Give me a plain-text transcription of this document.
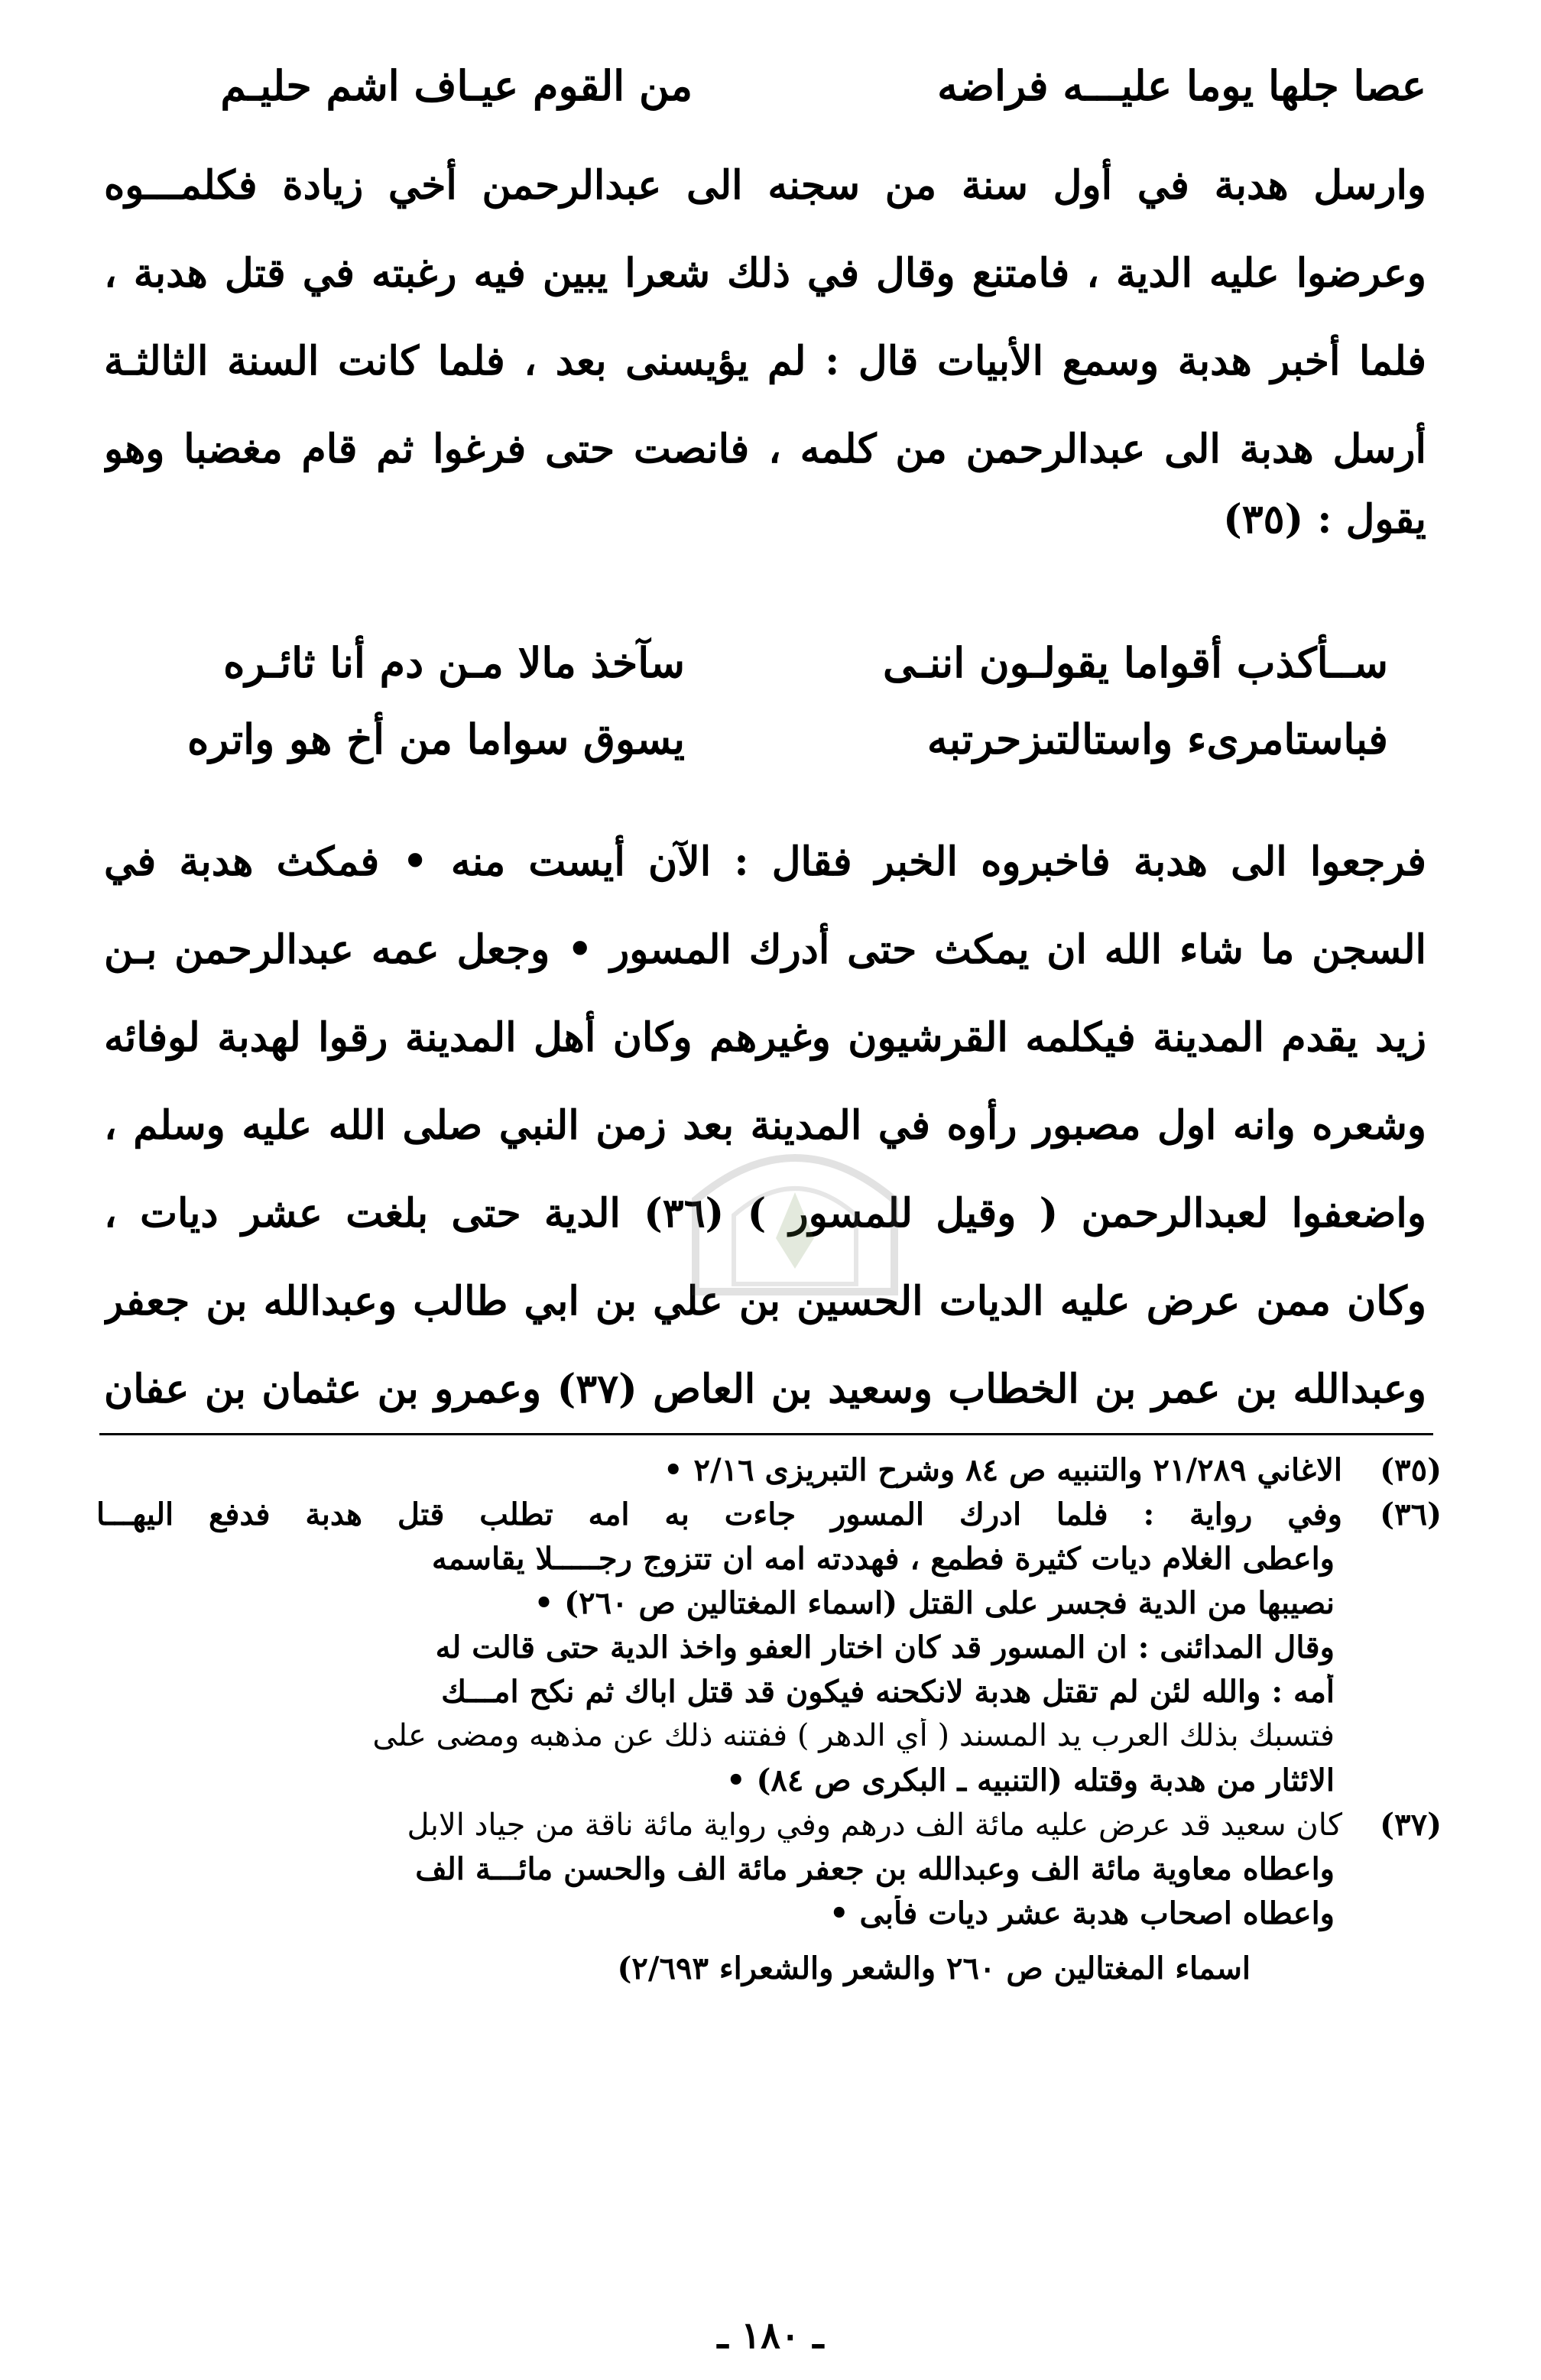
عصا جلها يوما عليـــه فراضه
من القوم عيـاف اشم حليـم
وارسل هدبة في أول سنة من سجنه الى عبدالرحمن أخي زيادة فكلمـــوه
وعرضوا عليه الدية ، فامتنع وقال في ذلك شعرا يبين فيه رغبته في قتل هدبة ،
فلما أخبر هدبة وسمع الأبيات قال : لم يؤيسنى بعد ، فلما كانت السنة الثالثـة
أرسل هدبة الى عبدالرحمن من كلمه ، فانصت حتى فرغوا ثم قام مغضبا وهو
يقول : (٣٥)
ســأكذب أقواما يقولـون اننـى
سآخذ مالا مـن دم أنا ثائـره
فباستامرىء واستالتىزحرتبه
يسوق سواما من أخ هو واتره
فرجعوا الى هدبة فاخبروه الخبر فقال : الآن أيست منه • فمكث هدبة في
السجن ما شاء الله ان يمكث حتى أدرك المسور • وجعل عمه عبدالرحمن بـن
زيد يقدم المدينة فيكلمه القرشيون وغيرهم وكان أهل المدينة رقوا لهدبة لوفائه
وشعره وانه اول مصبور رأوه في المدينة بعد زمن النبي صلى الله عليه وسلم ،
واضعفوا لعبدالرحمن ( وقيل للمسور ) (٣٦) الدية حتى بلغت عشر ديات ،
وكان ممن عرض عليه الديات الحسين بن علي بن ابي طالب وعبدالله بن جعفر
وعبدالله بن عمر بن الخطاب وسعيد بن العاص (٣٧) وعمرو بن عثمان بن عفان
(٣٥)الاغاني ٢١/٢٨٩ والتنبيه ص ٨٤ وشرح التبريزى ٢/١٦ •
(٣٦)وفي رواية : فلما ادرك المسور جاءت به امه تطلب قتل هدبة فدفع اليهـــا
واعطى الغلام ديات كثيرة فطمع ، فهددته امه ان تتزوج رجـــــلا يقاسمه
نصيبها من الدية فجسر على القتل (اسماء المغتالين ص ٢٦٠) •
وقال المدائنى : ان المسور قد كان اختار العفو واخذ الدية حتى قالت له
أمه : والله لئن لم تقتل هدبة لانكحنه فيكون قد قتل اباك ثم نكح امـــك
فتسبك بذلك العرب يد المسند ( أي الدهر ) ففتنه ذلك عن مذهبه ومضى على
الائثار من هدبة وقتله (التنبيه ـ البكرى ص ٨٤) •
(٣٧)كان سعيد قد عرض عليه مائة الف درهم وفي رواية مائة ناقة من جياد الابل
واعطاه معاوية مائة الف وعبدالله بن جعفر مائة الف والحسن مائـــة الف
واعطاه اصحاب هدبة عشر ديات فأبى •
اسماء المغتالين ص ٢٦٠ والشعر والشعراء ٢/٦٩٣)
ـ ١٨٠ ـ
